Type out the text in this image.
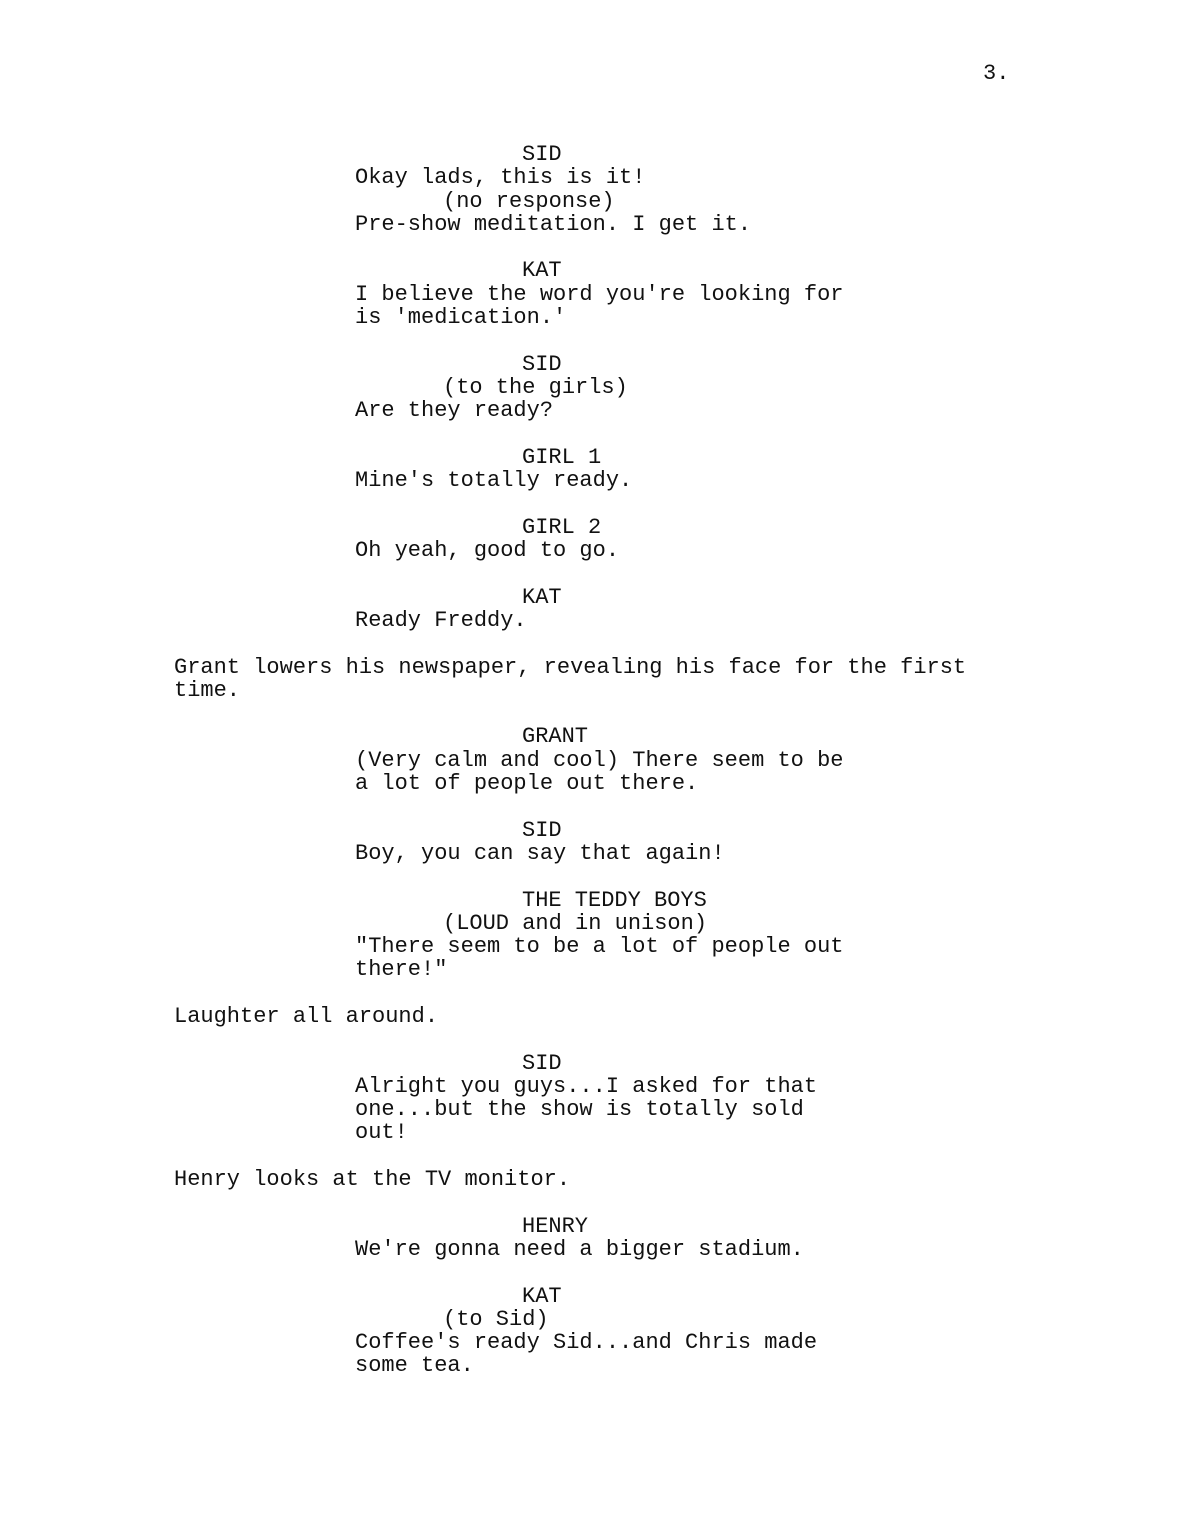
3.
SID
Okay lads, this is it!
(no response)
Pre-show meditation. I get it.
KAT
I believe the word you're looking for
is 'medication.'
SID
(to the girls)
Are they ready?
GIRL 1
Mine's totally ready.
GIRL 2
Oh yeah, good to go.
KAT
Ready Freddy.
Grant lowers his newspaper, revealing his face for the first
time.
GRANT
(Very calm and cool) There seem to be
a lot of people out there.
SID
Boy, you can say that again!
THE TEDDY BOYS
(LOUD and in unison)
"There seem to be a lot of people out
there!"
Laughter all around.
SID
Alright you guys...I asked for that
one...but the show is totally sold
out!
Henry looks at the TV monitor.
HENRY
We're gonna need a bigger stadium.
KAT
(to Sid)
Coffee's ready Sid...and Chris made
some tea.
